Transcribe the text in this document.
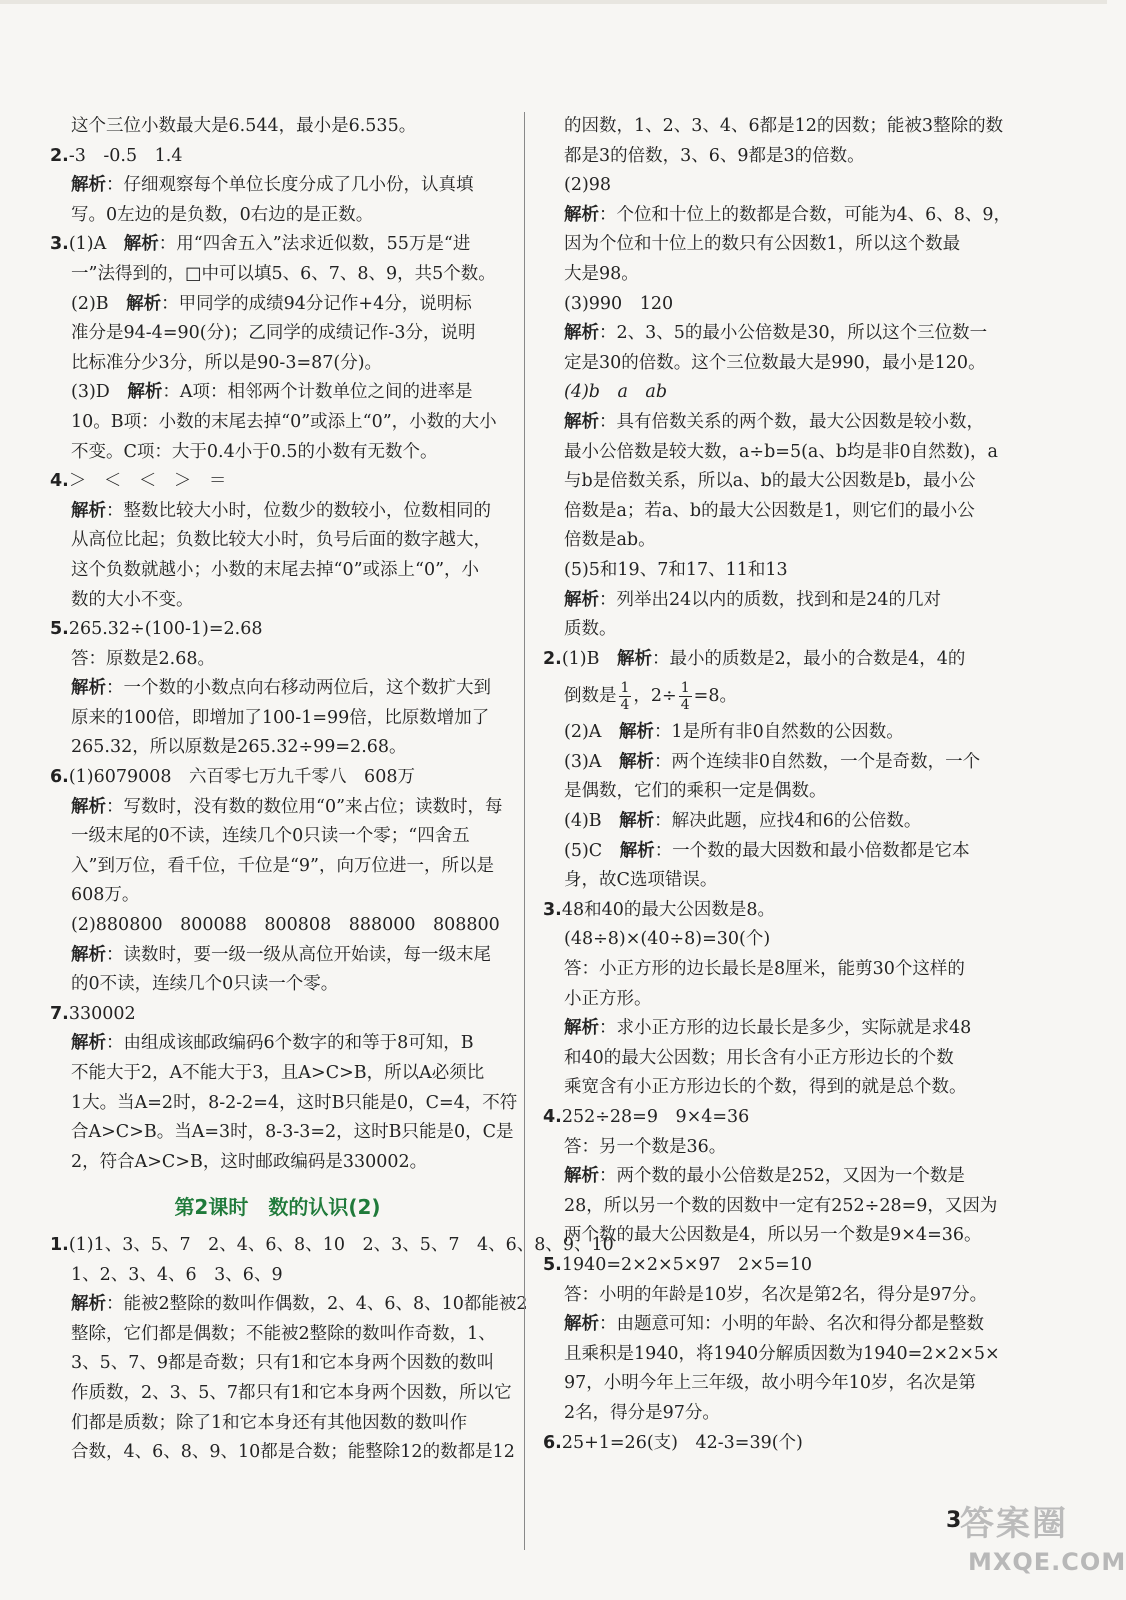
这个三位小数最大是6.544，最小是6.535。

2.-3　-0.5　1.4

解析：仔细观察每个单位长度分成了几小份，认真填

写。0左边的是负数，0右边的是正数。

3.(1)A　解析：用“四舍五入”法求近似数，55万是“进

一”法得到的，□中可以填5、6、7、8、9，共5个数。

(2)B　解析：甲同学的成绩94分记作+4分，说明标

准分是94-4=90(分)；乙同学的成绩记作-3分，说明

比标准分少3分，所以是90-3=87(分)。

(3)D　解析：A项：相邻两个计数单位之间的进率是

10。B项：小数的末尾去掉“0”或添上“0”，小数的大小

不变。C项：大于0.4小于0.5的小数有无数个。

4.＞　＜　＜　＞　＝

解析：整数比较大小时，位数少的数较小，位数相同的

从高位比起；负数比较大小时，负号后面的数字越大，

这个负数就越小；小数的末尾去掉“0”或添上“0”，小

数的大小不变。

5.265.32÷(100-1)=2.68

答：原数是2.68。

解析：一个数的小数点向右移动两位后，这个数扩大到

原来的100倍，即增加了100-1=99倍，比原数增加了

265.32，所以原数是265.32÷99=2.68。

6.(1)6079008　六百零七万九千零八　608万

解析：写数时，没有数的数位用“0”来占位；读数时，每

一级末尾的0不读，连续几个0只读一个零；“四舍五

入”到万位，看千位，千位是“9”，向万位进一，所以是

608万。

(2)880800　800088　800808　888000　808800

解析：读数时，要一级一级从高位开始读，每一级末尾

的0不读，连续几个0只读一个零。

7.330002

解析：由组成该邮政编码6个数字的和等于8可知，B

不能大于2，A不能大于3，且A>C>B，所以A必须比

1大。当A=2时，8-2-2=4，这时B只能是0，C=4，不符

合A>C>B。当A=3时，8-3-3=2，这时B只能是0，C是

2，符合A>C>B，这时邮政编码是330002。

第2课时　数的认识(2)

1.(1)1、3、5、7　2、4、6、8、10　2、3、5、7　4、6、8、9、10

1、2、3、4、6　3、6、9

解析：能被2整除的数叫作偶数，2、4、6、8、10都能被2

整除，它们都是偶数；不能被2整除的数叫作奇数，1、

3、5、7、9都是奇数；只有1和它本身两个因数的数叫

作质数，2、3、5、7都只有1和它本身两个因数，所以它

们都是质数；除了1和它本身还有其他因数的数叫作

合数，4、6、8、9、10都是合数；能整除12的数都是12

的因数，1、2、3、4、6都是12的因数；能被3整除的数

都是3的倍数，3、6、9都是3的倍数。

(2)98

解析：个位和十位上的数都是合数，可能为4、6、8、9，

因为个位和十位上的数只有公因数1，所以这个数最

大是98。

(3)990　120

解析：2、3、5的最小公倍数是30，所以这个三位数一

定是30的倍数。这个三位数最大是990，最小是120。

(4)b　a　ab

解析：具有倍数关系的两个数，最大公因数是较小数，

最小公倍数是较大数，a÷b=5(a、b均是非0自然数)，a

与b是倍数关系，所以a、b的最大公因数是b，最小公

倍数是a；若a、b的最大公因数是1，则它们的最小公

倍数是ab。

(5)5和19、7和17、11和13

解析：列举出24以内的质数，找到和是24的几对

质数。

2.(1)B　解析：最小的质数是2，最小的合数是4，4的

倒数是 $\frac{1}{4}$ ，$2\div \frac{1}{4} =8$。

(2)A　解析：1是所有非0自然数的公因数。

(3)A　解析：两个连续非0自然数，一个是奇数，一个

是偶数，它们的乘积一定是偶数。

(4)B　解析：解决此题，应找4和6的公倍数。

(5)C　解析：一个数的最大因数和最小倍数都是它本

身，故C选项错误。

3.48和40的最大公因数是8。

(48÷8)×(40÷8)=30(个)

答：小正方形的边长最长是8厘米，能剪30个这样的

小正方形。

解析：求小正方形的边长最长是多少，实际就是求48

和40的最大公因数；用长含有小正方形边长的个数

乘宽含有小正方形边长的个数，得到的就是总个数。

4.252÷28=9　9×4=36

答：另一个数是36。

解析：两个数的最小公倍数是252，又因为一个数是

28，所以另一个数的因数中一定有252÷28=9，又因为

两个数的最大公因数是4，所以另一个数是9×4=36。

5.1940=2×2×5×97　2×5=10

答：小明的年龄是10岁，名次是第2名，得分是97分。

解析：由题意可知：小明的年龄、名次和得分都是整数

且乘积是1940，将1940分解质因数为1940=2×2×5×

97，小明今年上三年级，故小明今年10岁，名次是第

2名，得分是97分。

6.25+1=26(支)　42-3=39(个)

3
答案圈
MXQE.COM
